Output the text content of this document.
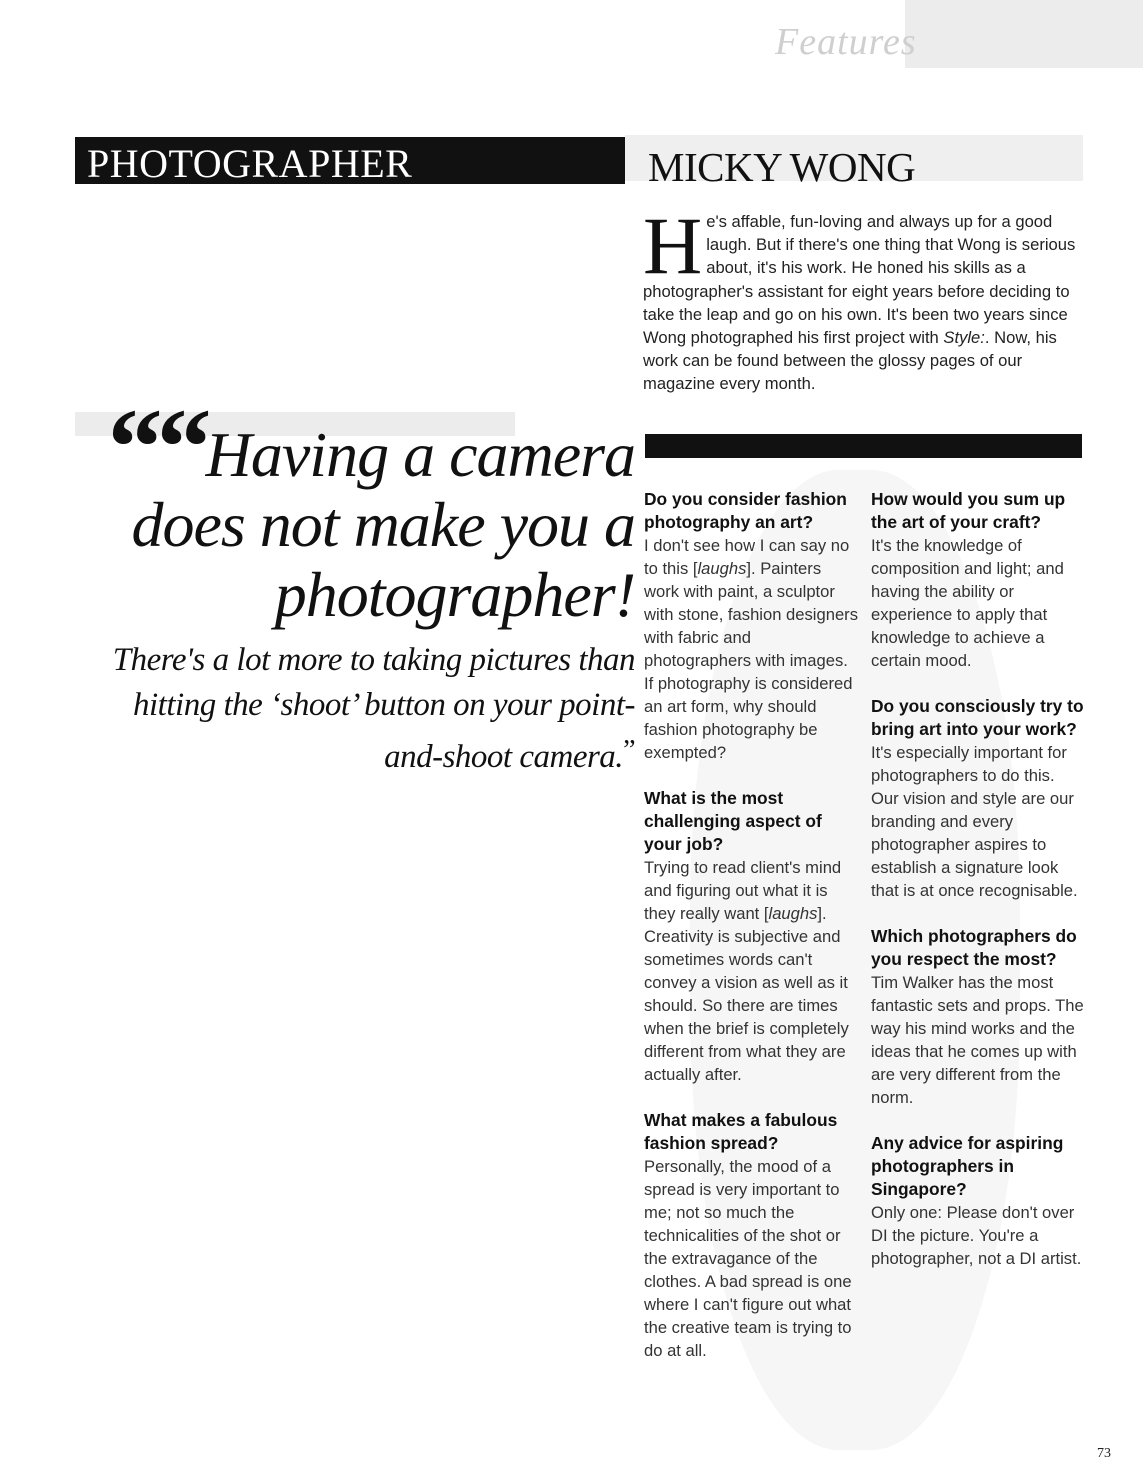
Features
PHOTOGRAPHER	MICKY WONG
He's affable, fun-loving and always up for a good laugh. But if there's one thing that Wong is serious about, it's his work. He honed his skills as a photographer's assistant for eight years before deciding to take the leap and go on his own. It's been two years since Wong photographed his first project with Style:. Now, his work can be found between the glossy pages of our magazine every month.
““Having a camera does not make you a photographer!
There's a lot more to taking pictures than hitting the ‘shoot’ button on your point-and-shoot camera.”
Do you consider fashion photography an art?
I don't see how I can say no to this [laughs]. Painters work with paint, a sculptor with stone, fashion designers with fabric and photographers with images. If photography is considered an art form, why should fashion photography be exempted?
What is the most challenging aspect of your job?
Trying to read client's mind and figuring out what it is they really want [laughs]. Creativity is subjective and sometimes words can't convey a vision as well as it should. So there are times when the brief is completely different from what they are actually after.
What makes a fabulous fashion spread?
Personally, the mood of a spread is very important to me; not so much the technicalities of the shot or the extravagance of the clothes. A bad spread is one where I can't figure out what the creative team is trying to do at all.
How would you sum up the art of your craft?
It's the knowledge of composition and light; and having the ability or experience to apply that knowledge to achieve a certain mood.
Do you consciously try to bring art into your work?
It's especially important for photographers to do this. Our vision and style are our branding and every photographer aspires to establish a signature look that is at once recognisable.
Which photographers do you respect the most?
Tim Walker has the most fantastic sets and props. The way his mind works and the ideas that he comes up with are very different from the norm.
Any advice for aspiring photographers in Singapore?
Only one: Please don't over DI the picture. You're a photographer, not a DI artist.
73
